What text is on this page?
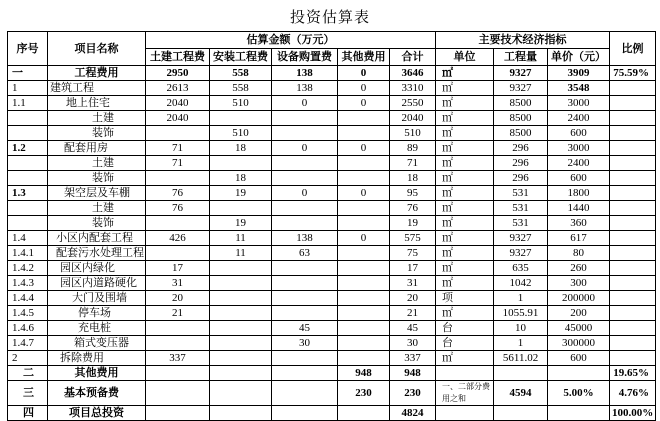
投资估算表
序号	项目名称	估算金额（万元）					主要技术经济指标			比例
		土建工程费	安装工程费	设备购置费	其他费用	合计	单位	工程量	单价（元）	
一	工程费用	2950	558	138	0	3646	㎡	9327	3909	75.59%
1	建筑工程	2613	558	138	0	3310	㎡	9327	3548	
1.1	地上住宅	2040	510	0	0	2550	㎡	8500	3000	
	土建	2040				2040	㎡	8500	2400	
	装饰		510			510	㎡	8500	600	
1.2	配套用房	71	18	0	0	89	㎡	296	3000	
	土建	71				71	㎡	296	2400	
	装饰		18			18	㎡	296	600	
1.3	架空层及车棚	76	19	0	0	95	㎡	531	1800	
	土建	76				76	㎡	531	1440	
	装饰		19			19	㎡	531	360	
1.4	小区内配套工程	426	11	138	0	575	㎡	9327	617	
1.4.1	配套污水处理工程		11	63		75	㎡	9327	80	
1.4.2	园区内绿化	17				17	㎡	635	260	
1.4.3	园区内道路硬化	31				31	㎡	1042	300	
1.4.4	大门及围墙	20				20	项	1	200000	
1.4.5	停车场	21				21	㎡	1055.91	200	
1.4.6	充电桩			45		45	台	10	45000	
1.4.7	箱式变压器			30		30	台	1	300000	
2	拆除费用	337				337	㎡	5611.02	600	
二	其他费用				948	948				19.65%
三	基本预备费				230	230	一、二部分费用之和	4594	5.00%	4.76%
四	项目总投资					4824				100.00%
